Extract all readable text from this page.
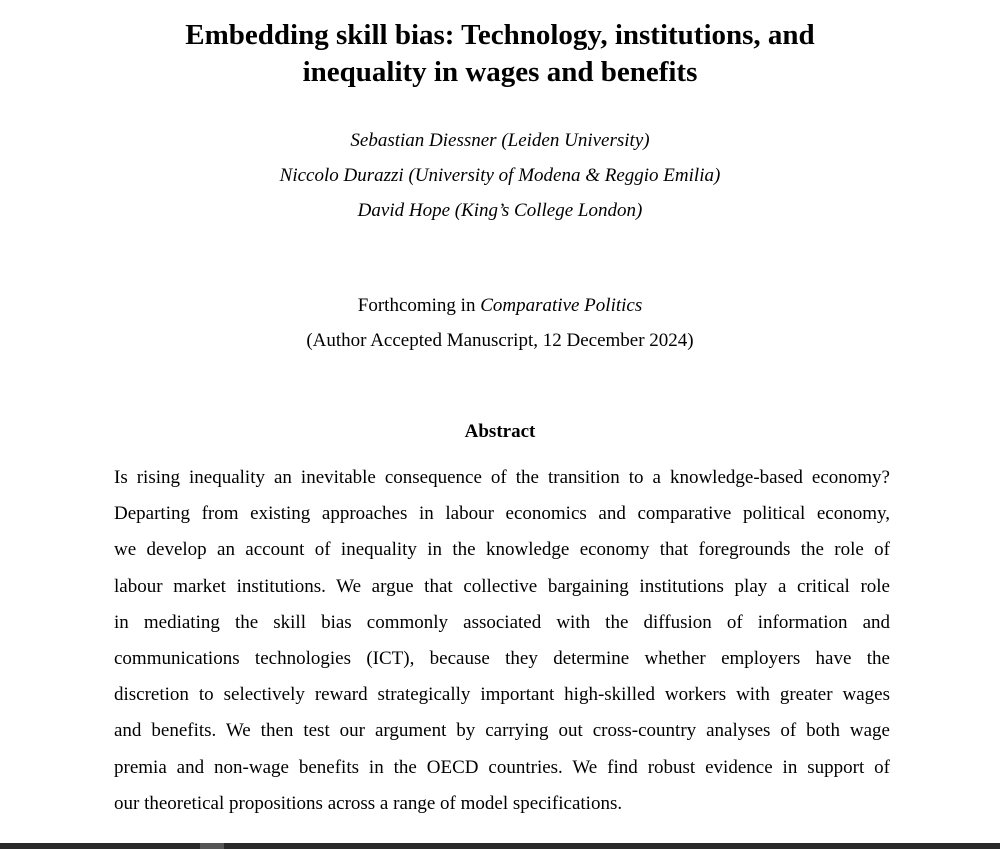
Embedding skill bias: Technology, institutions, and
inequality in wages and benefits
Sebastian Diessner (Leiden University)
Niccolo Durazzi (University of Modena & Reggio Emilia)
David Hope (King’s College London)
Forthcoming in Comparative Politics
(Author Accepted Manuscript, 12 December 2024)
Abstract
Is rising inequality an inevitable consequence of the transition to a knowledge-based economy?
Departing from existing approaches in labour economics and comparative political economy,
we develop an account of inequality in the knowledge economy that foregrounds the role of
labour market institutions. We argue that collective bargaining institutions play a critical role
in mediating the skill bias commonly associated with the diffusion of information and
communications technologies (ICT), because they determine whether employers have the
discretion to selectively reward strategically important high-skilled workers with greater wages
and benefits. We then test our argument by carrying out cross-country analyses of both wage
premia and non-wage benefits in the OECD countries. We find robust evidence in support of
our theoretical propositions across a range of model specifications.
